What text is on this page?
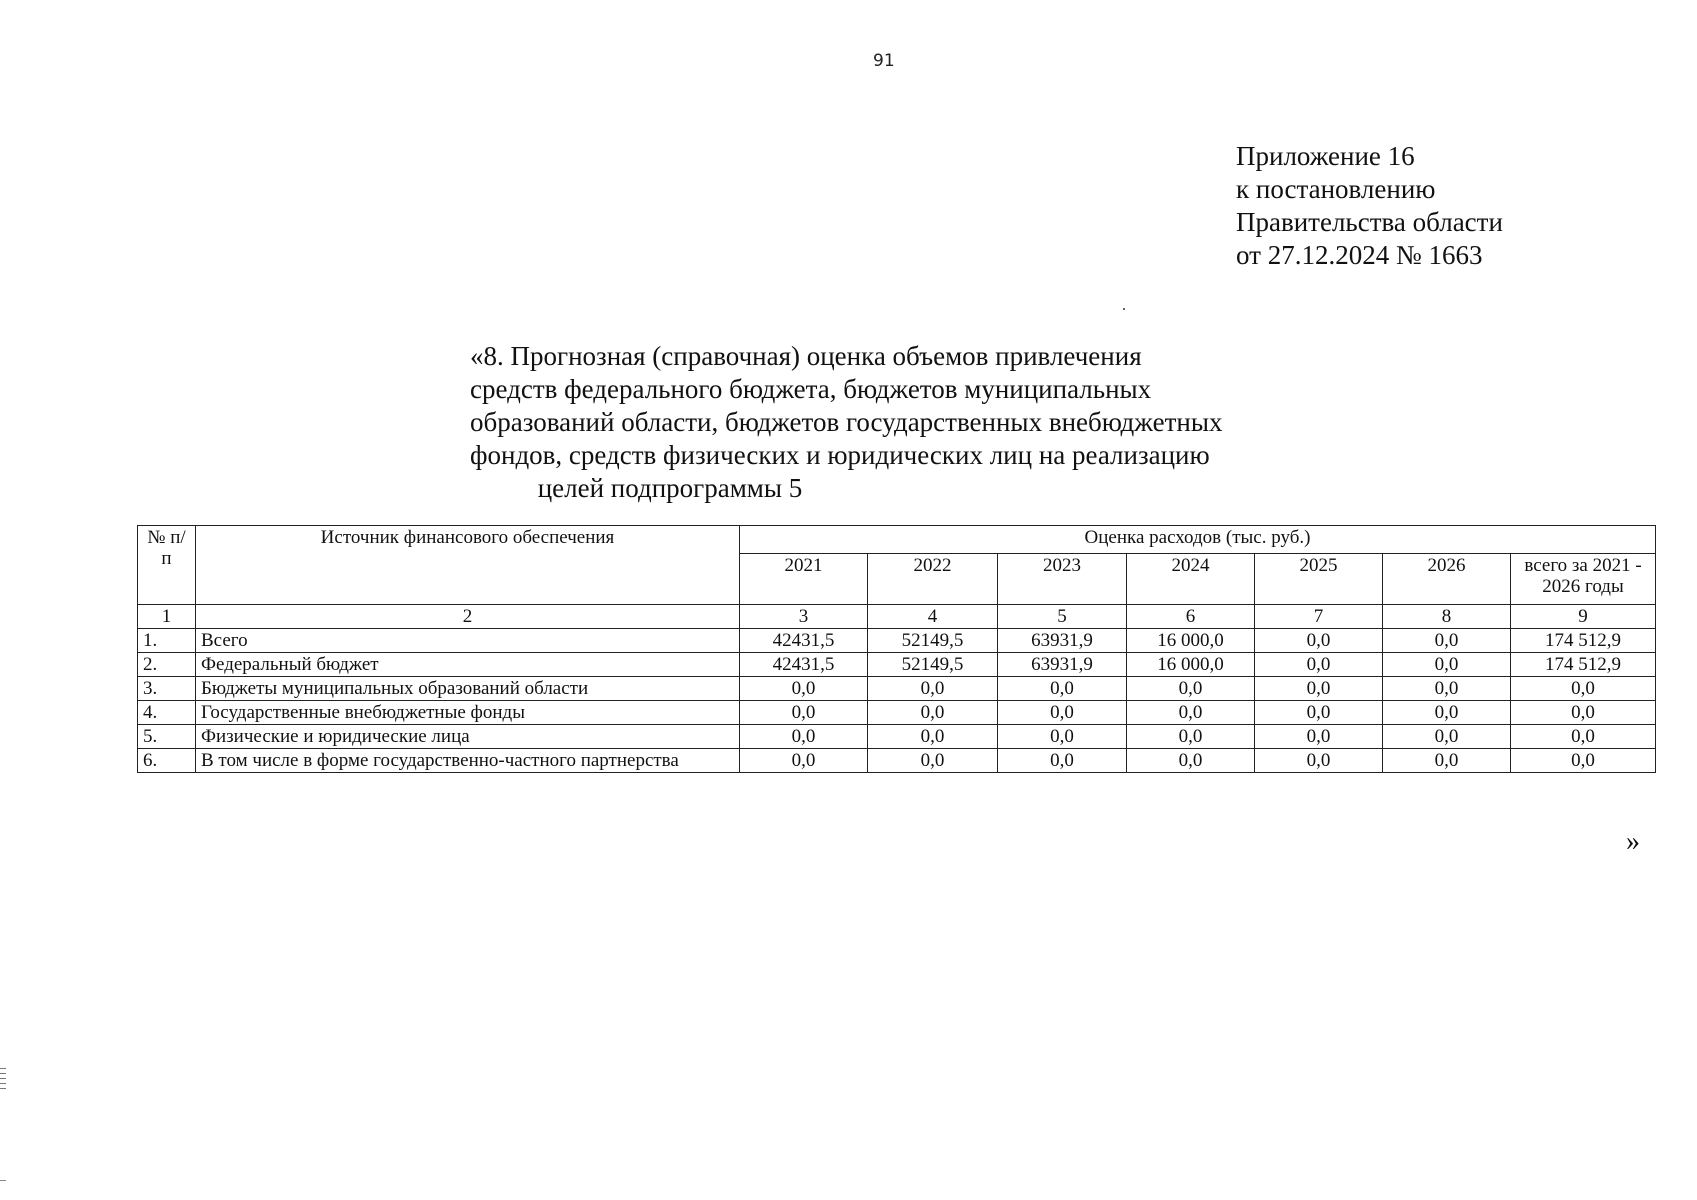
91
Приложение 16
к постановлению
Правительства области
от 27.12.2024 № 1663
«8. Прогнозная (справочная) оценка объемов привлечения
средств федерального бюджета, бюджетов муниципальных
образований области, бюджетов государственных внебюджетных
фондов, средств физических и юридических лиц на реализацию
целей подпрограммы 5
№ п/п	Источник финансового обеспечения	Оценка расходов (тыс. руб.)						
		2021	2022	2023	2024	2025	2026	всего за 2021 - 2026 годы
1	2	3	4	5	6	7	8	9
1.	Всего	42431,5	52149,5	63931,9	16 000,0	0,0	0,0	174 512,9
2.	Федеральный бюджет	42431,5	52149,5	63931,9	16 000,0	0,0	0,0	174 512,9
3.	Бюджеты муниципальных образований области	0,0	0,0	0,0	0,0	0,0	0,0	0,0
4.	Государственные внебюджетные фонды	0,0	0,0	0,0	0,0	0,0	0,0	0,0
5.	Физические и юридические лица	0,0	0,0	0,0	0,0	0,0	0,0	0,0
6.	В том числе в форме государственно-частного партнерства	0,0	0,0	0,0	0,0	0,0	0,0	0,0
»
